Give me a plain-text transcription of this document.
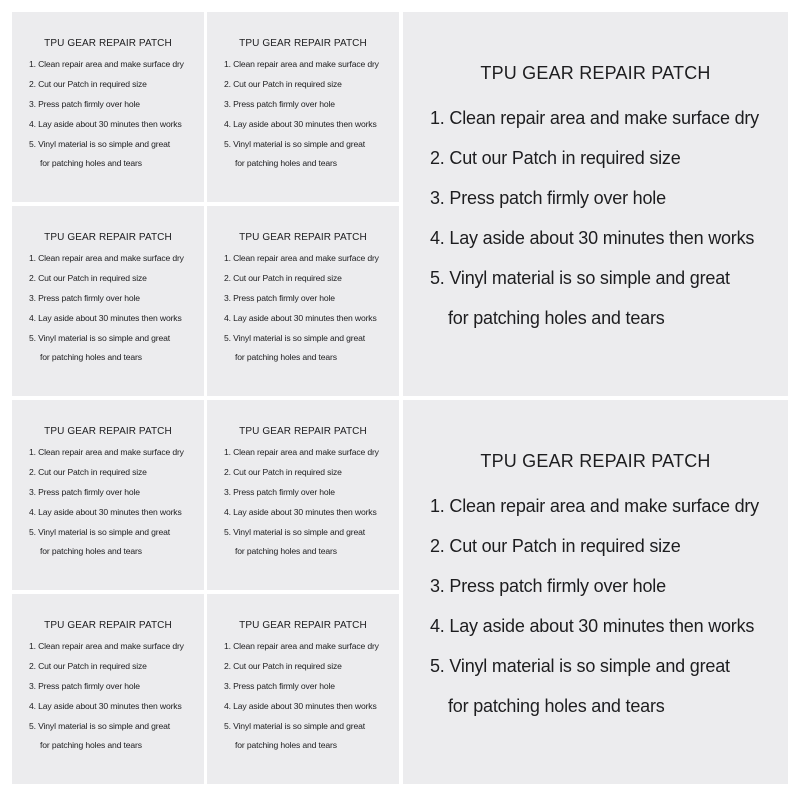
TPU GEAR REPAIR PATCH
1. Clean repair area and make surface dry
2. Cut our Patch in required size
3. Press patch firmly over hole
4. Lay aside about 30 minutes then works
5. Vinyl material is so simple and great
for patching holes and tears
TPU GEAR REPAIR PATCH
1. Clean repair area and make surface dry
2. Cut our Patch in required size
3. Press patch firmly over hole
4. Lay aside about 30 minutes then works
5. Vinyl material is so simple and great
for patching holes and tears
TPU GEAR REPAIR PATCH
1. Clean repair area and make surface dry
2. Cut our Patch in required size
3. Press patch firmly over hole
4. Lay aside about 30 minutes then works
5. Vinyl material is so simple and great
for patching holes and tears
TPU GEAR REPAIR PATCH
1. Clean repair area and make surface dry
2. Cut our Patch in required size
3. Press patch firmly over hole
4. Lay aside about 30 minutes then works
5. Vinyl material is so simple and great
for patching holes and tears
TPU GEAR REPAIR PATCH
1. Clean repair area and make surface dry
2. Cut our Patch in required size
3. Press patch firmly over hole
4. Lay aside about 30 minutes then works
5. Vinyl material is so simple and great
for patching holes and tears
TPU GEAR REPAIR PATCH
1. Clean repair area and make surface dry
2. Cut our Patch in required size
3. Press patch firmly over hole
4. Lay aside about 30 minutes then works
5. Vinyl material is so simple and great
for patching holes and tears
TPU GEAR REPAIR PATCH
1. Clean repair area and make surface dry
2. Cut our Patch in required size
3. Press patch firmly over hole
4. Lay aside about 30 minutes then works
5. Vinyl material is so simple and great
for patching holes and tears
TPU GEAR REPAIR PATCH
1. Clean repair area and make surface dry
2. Cut our Patch in required size
3. Press patch firmly over hole
4. Lay aside about 30 minutes then works
5. Vinyl material is so simple and great
for patching holes and tears
TPU GEAR REPAIR PATCH
1. Clean repair area and make surface dry
2. Cut our Patch in required size
3. Press patch firmly over hole
4. Lay aside about 30 minutes then works
5. Vinyl material is so simple and great
for patching holes and tears
TPU GEAR REPAIR PATCH
1. Clean repair area and make surface dry
2. Cut our Patch in required size
3. Press patch firmly over hole
4. Lay aside about 30 minutes then works
5. Vinyl material is so simple and great
for patching holes and tears
